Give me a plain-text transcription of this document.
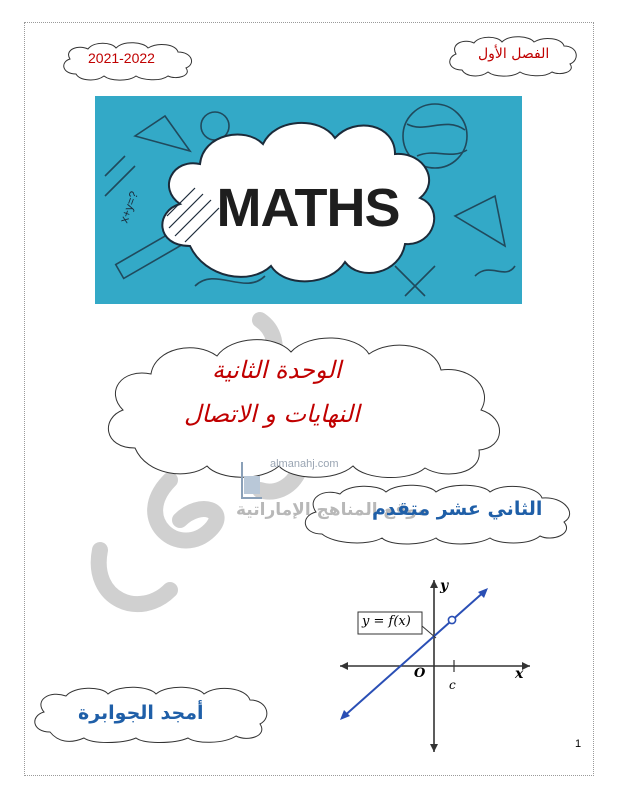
2021-2022	الفصل الأول
x+y=? MATHS
الوحدة الثانية
النهايات و الاتصال
almanahj.com
موقع المناهج الإماراتية
الثاني عشر متقدم
y = f(x)
y
x
O
c
أمجد الجوابرة
1
